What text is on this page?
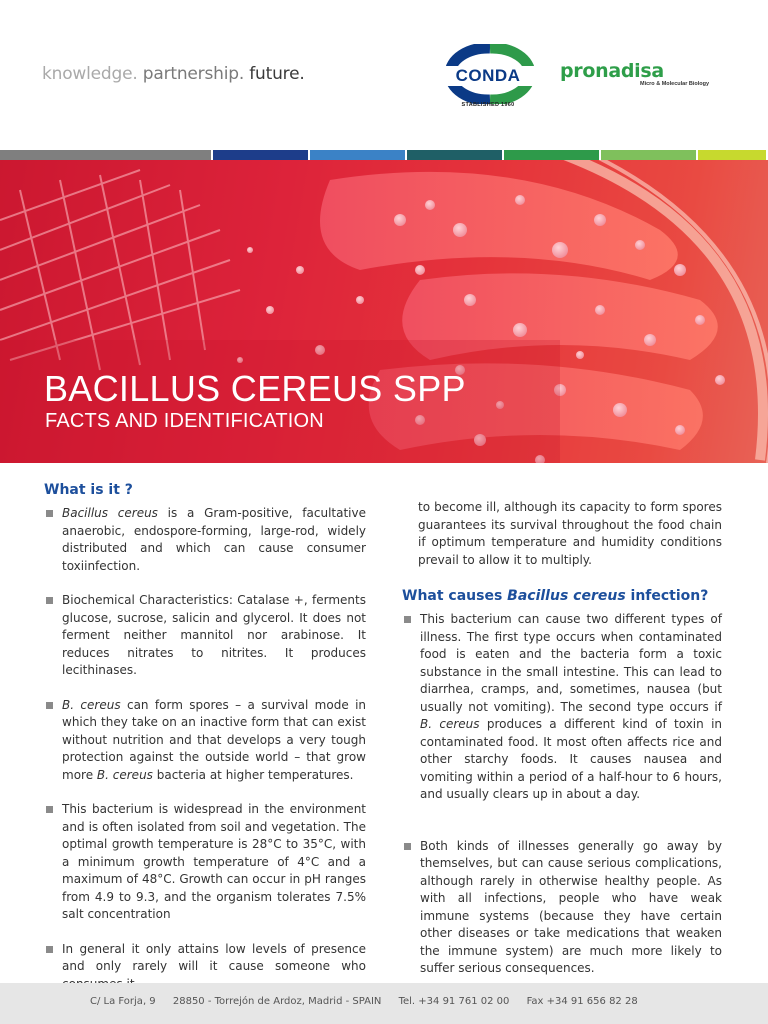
knowledge. partnership. future.	CONDA
STABLISHED 1960
pronadisa
Micro & Molecular Biology
BACILLUS CEREUS SPP
FACTS AND IDENTIFICATION
What is it ?
Bacillus cereus is a Gram-positive, facultative anaerobic, endospore-forming, large-rod, widely distributed and which can cause consumer toxiinfection.
Biochemical Characteristics: Catalase +, ferments glucose, sucrose, salicin and glycerol. It does not ferment neither mannitol nor arabinose. It reduces nitrates to nitrites. It produces lecithinases.
B. cereus can form spores – a survival mode in which they take on an inactive form that can exist without nutrition and that develops a very tough protection against the outside world – that grow more B. cereus bacteria at higher temperatures.
This bacterium is widespread in the environment and is often isolated from soil and vegetation. The optimal growth temperature is 28°C to 35°C, with a minimum growth temperature of 4°C and a maximum of 48°C. Growth can occur in pH ranges from 4.9 to 9.3, and the organism tolerates 7.5% salt concentration
In general it only attains low levels of presence and only rarely will it cause someone who
to become ill, although its capacity to form spores guarantees its survival throughout the food chain if optimum temperature and humidity conditions prevail to allow it to multiply.
What causes Bacillus cereus infection?
This bacterium can cause two different types of illness. The first type occurs when contaminated food is eaten and the bacteria form a toxic substance in the small intestine. This can lead to diarrhea, cramps, and, sometimes, nausea (but usually not vomiting). The second type occurs if B. cereus produces a different kind of toxin in contaminated food. It most often affects rice and other starchy foods. It causes nausea and vomiting within a period of a half-hour to 6 hours, and usually clears up in about a day.
Both kinds of illnesses generally go away by themselves, but can cause serious complications, although rarely in otherwise healthy people. As with all infections, people who have weak immune systems (because they have certain other diseases or take medications that weaken the immune system) are much more likely to suffer serious consequences.
C/ La Forja, 9 28850 - Torrejón de Ardoz, Madrid - SPAIN Tel. +34 91 761 02 00 Fax +34 91 656 82 28
